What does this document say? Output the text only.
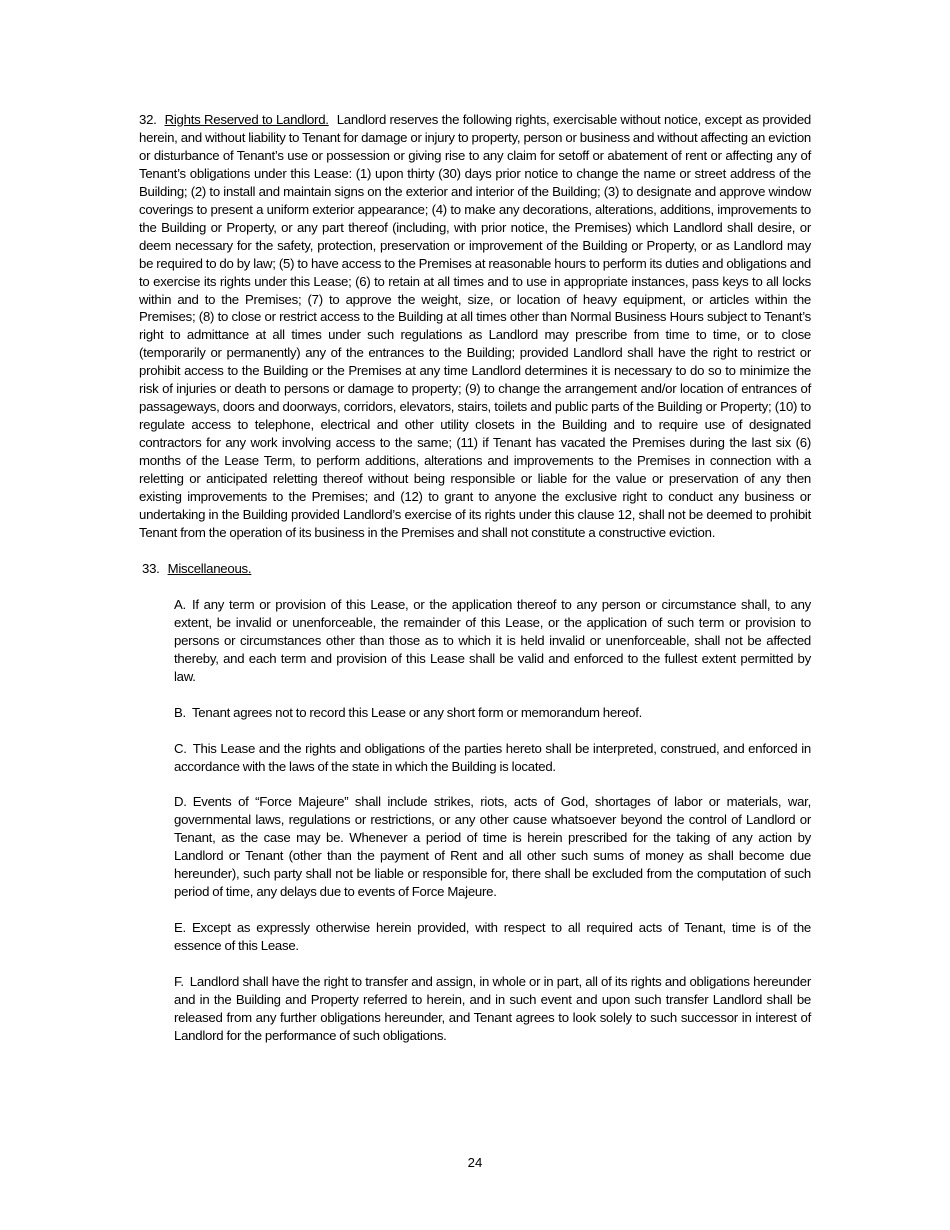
32. Rights Reserved to Landlord. Landlord reserves the following rights, exercisable without notice, except as provided herein, and without liability to Tenant for damage or injury to property, person or business and without affecting an eviction or disturbance of Tenant’s use or possession or giving rise to any claim for setoff or abatement of rent or affecting any of Tenant’s obligations under this Lease: (1) upon thirty (30) days prior notice to change the name or street address of the Building; (2) to install and maintain signs on the exterior and interior of the Building; (3) to designate and approve window coverings to present a uniform exterior appearance; (4) to make any decorations, alterations, additions, improvements to the Building or Property, or any part thereof (including, with prior notice, the Premises) which Landlord shall desire, or deem necessary for the safety, protection, preservation or improvement of the Building or Property, or as Landlord may be required to do by law; (5) to have access to the Premises at reasonable hours to perform its duties and obligations and to exercise its rights under this Lease; (6) to retain at all times and to use in appropriate instances, pass keys to all locks within and to the Premises; (7) to approve the weight, size, or location of heavy equipment, or articles within the Premises; (8) to close or restrict access to the Building at all times other than Normal Business Hours subject to Tenant’s right to admittance at all times under such regulations as Landlord may prescribe from time to time, or to close (temporarily or permanently) any of the entrances to the Building; provided Landlord shall have the right to restrict or prohibit access to the Building or the Premises at any time Landlord determines it is necessary to do so to minimize the risk of injuries or death to persons or damage to property; (9) to change the arrangement and/or location of entrances of passageways, doors and doorways, corridors, elevators, stairs, toilets and public parts of the Building or Property; (10) to regulate access to telephone, electrical and other utility closets in the Building and to require use of designated contractors for any work involving access to the same; (11) if Tenant has vacated the Premises during the last six (6) months of the Lease Term, to perform additions, alterations and improvements to the Premises in connection with a reletting or anticipated reletting thereof without being responsible or liable for the value or preservation of any then existing improvements to the Premises; and (12) to grant to anyone the exclusive right to conduct any business or undertaking in the Building provided Landlord’s exercise of its rights under this clause 12, shall not be deemed to prohibit Tenant from the operation of its business in the Premises and shall not constitute a constructive eviction.

33. Miscellaneous.

A. If any term or provision of this Lease, or the application thereof to any person or circumstance shall, to any extent, be invalid or unenforceable, the remainder of this Lease, or the application of such term or provision to persons or circumstances other than those as to which it is held invalid or unenforceable, shall not be affected thereby, and each term and provision of this Lease shall be valid and enforced to the fullest extent permitted by law.

B. Tenant agrees not to record this Lease or any short form or memorandum hereof.

C. This Lease and the rights and obligations of the parties hereto shall be interpreted, construed, and enforced in accordance with the laws of the state in which the Building is located.

D. Events of “Force Majeure” shall include strikes, riots, acts of God, shortages of labor or materials, war, governmental laws, regulations or restrictions, or any other cause whatsoever beyond the control of Landlord or Tenant, as the case may be. Whenever a period of time is herein prescribed for the taking of any action by Landlord or Tenant (other than the payment of Rent and all other such sums of money as shall become due hereunder), such party shall not be liable or responsible for, there shall be excluded from the computation of such period of time, any delays due to events of Force Majeure.

E. Except as expressly otherwise herein provided, with respect to all required acts of Tenant, time is of the essence of this Lease.

F. Landlord shall have the right to transfer and assign, in whole or in part, all of its rights and obligations hereunder and in the Building and Property referred to herein, and in such event and upon such transfer Landlord shall be released from any further obligations hereunder, and Tenant agrees to look solely to such successor in interest of Landlord for the performance of such obligations.

24
